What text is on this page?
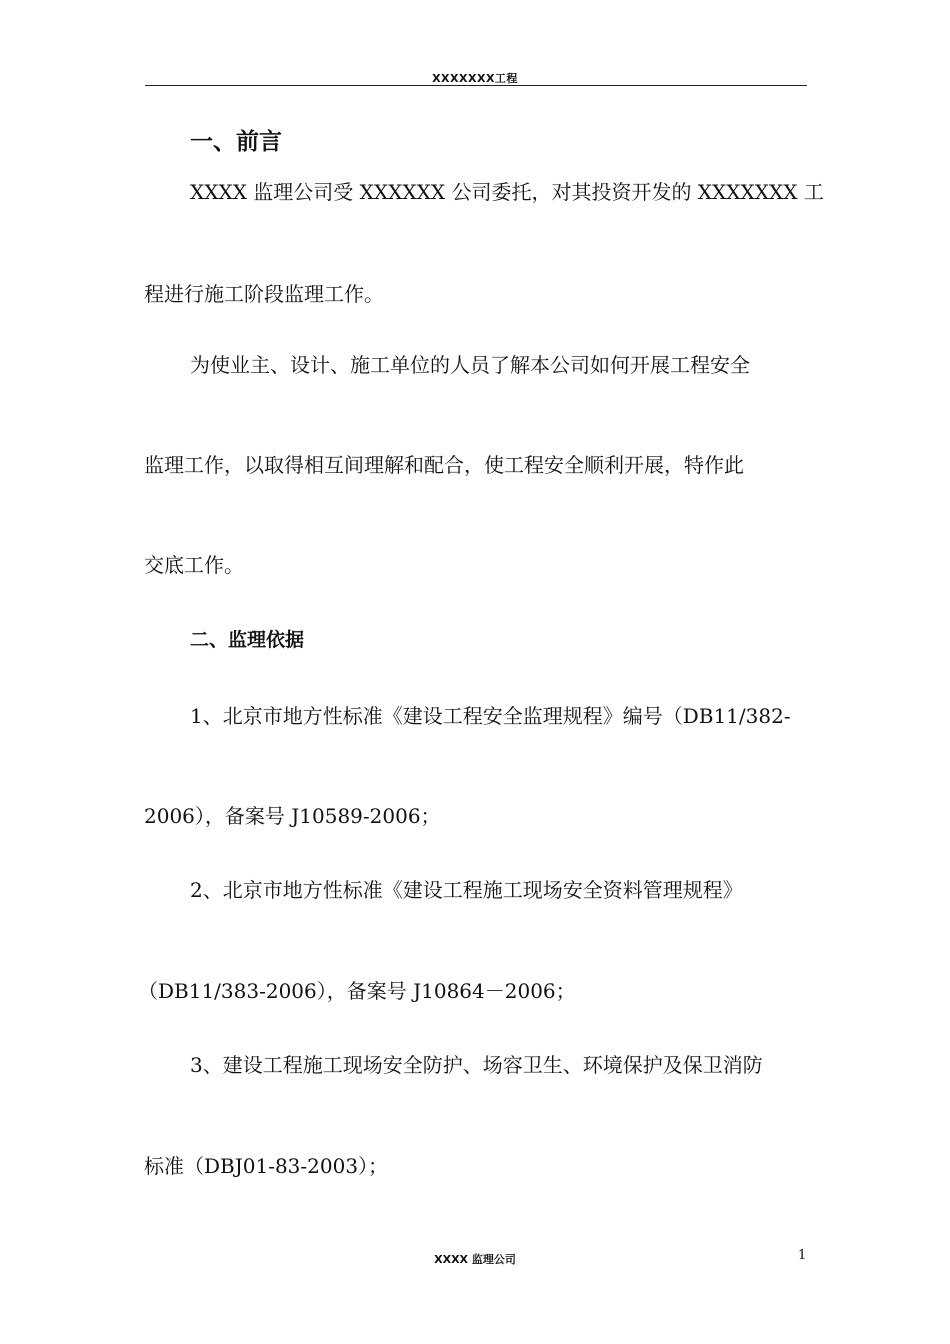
XXXXXXX工程
一、前言
XXXX 监理公司受 XXXXXX 公司委托，对其投资开发的 XXXXXXX 工
程进行施工阶段监理工作。
为使业主、设计、施工单位的人员了解本公司如何开展工程安全
监理工作，以取得相互间理解和配合，使工程安全顺利开展，特作此
交底工作。
二、监理依据
1、北京市地方性标准《建设工程安全监理规程》编号（DB11/382-
2006），备案号 J10589-2006；
2、北京市地方性标准《建设工程施工现场安全资料管理规程》
（DB11/383-2006），备案号 J10864－2006；
3、建设工程施工现场安全防护、场容卫生、环境保护及保卫消防
标准（DBJ01-83-2003）；
XXXX 监理公司	1
